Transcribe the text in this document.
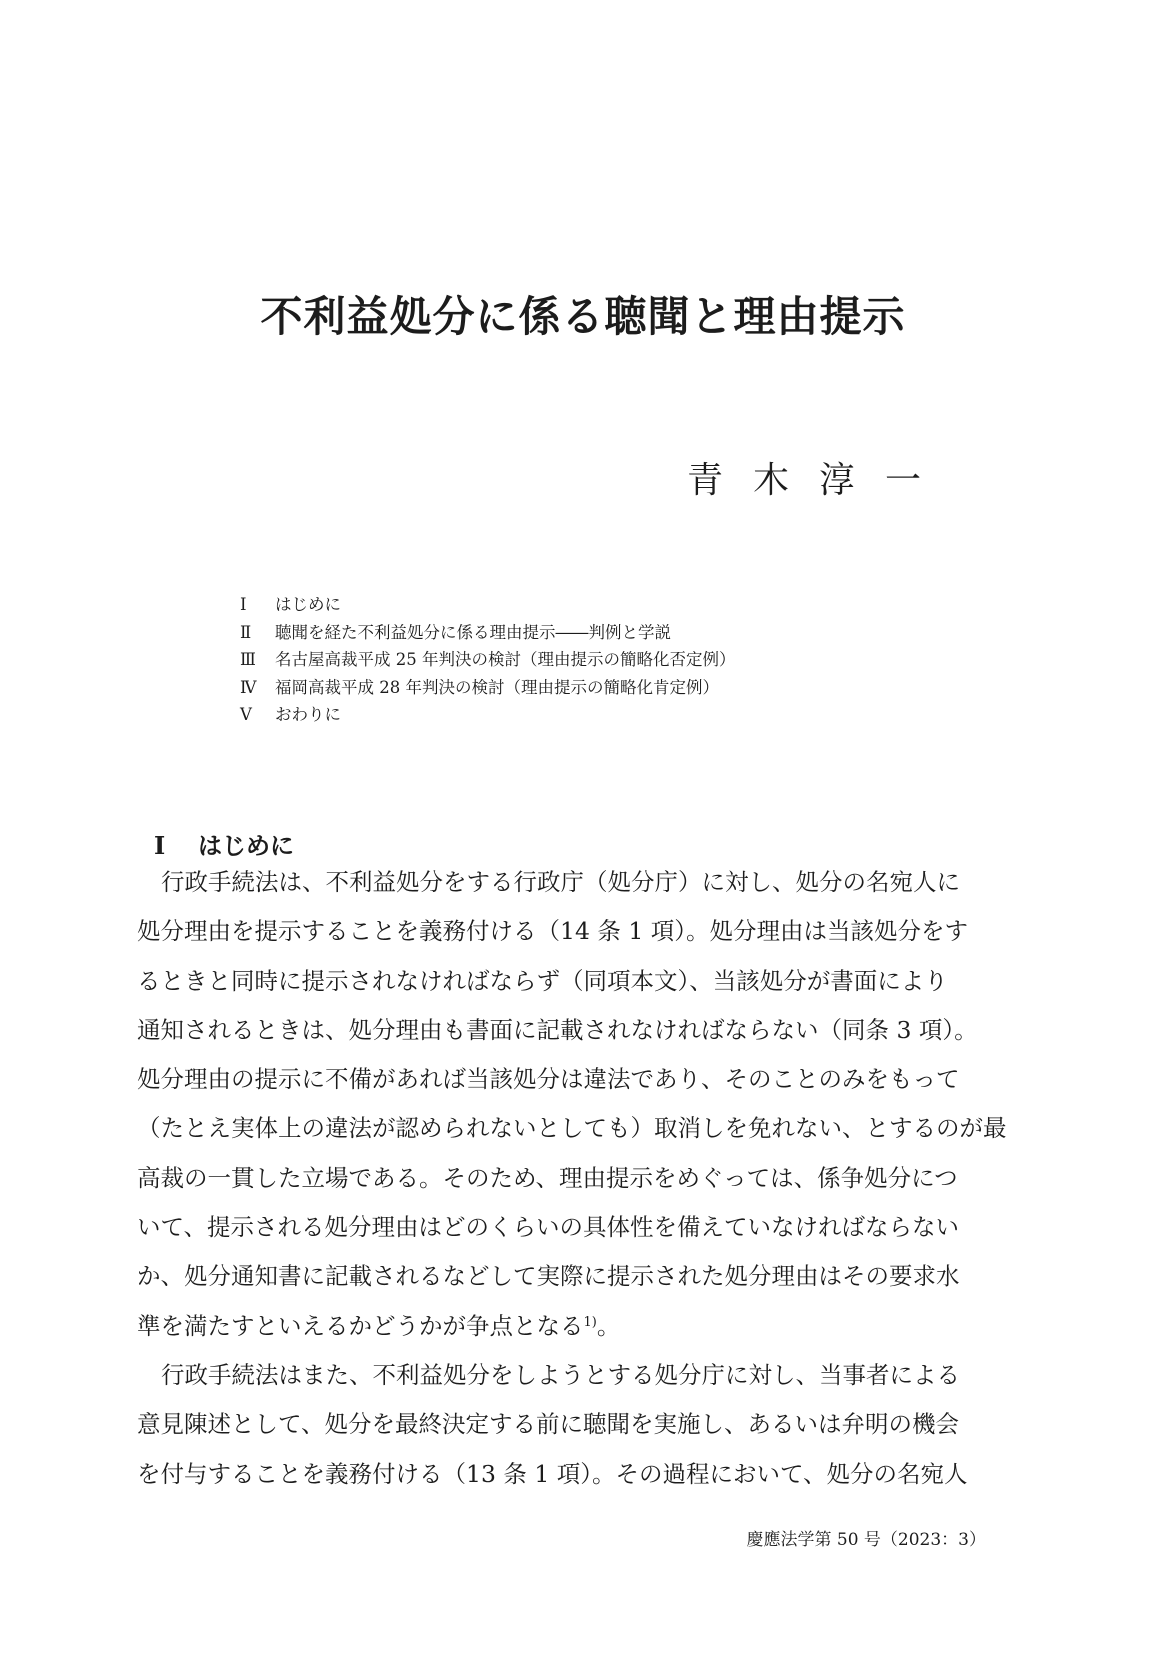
不利益処分に係る聴聞と理由提示
青木淳一
Ⅰ はじめに
Ⅱ 聴聞を経た不利益処分に係る理由提示――判例と学説
Ⅲ 名古屋高裁平成 25 年判決の検討（理由提示の簡略化否定例）
Ⅳ 福岡高裁平成 28 年判決の検討（理由提示の簡略化肯定例）
Ⅴ おわりに
Ⅰ はじめに
行政手続法は、不利益処分をする行政庁（処分庁）に対し、処分の名宛人に
処分理由を提示することを義務付ける（14 条 1 項）。処分理由は当該処分をす
るときと同時に提示されなければならず（同項本文）、当該処分が書面により
通知されるときは、処分理由も書面に記載されなければならない（同条 3 項）。
処分理由の提示に不備があれば当該処分は違法であり、そのことのみをもって
（たとえ実体上の違法が認められないとしても）取消しを免れない、とするのが最
高裁の一貫した立場である。そのため、理由提示をめぐっては、係争処分につ
いて、提示される処分理由はどのくらいの具体性を備えていなければならない
か、処分通知書に記載されるなどして実際に提示された処分理由はその要求水
準を満たすといえるかどうかが争点となる$^{1)}$。
行政手続法はまた、不利益処分をしようとする処分庁に対し、当事者による
意見陳述として、処分を最終決定する前に聴聞を実施し、あるいは弁明の機会
を付与することを義務付ける（13 条 1 項）。その過程において、処分の名宛人
慶應法学第 50 号（2023：3）
